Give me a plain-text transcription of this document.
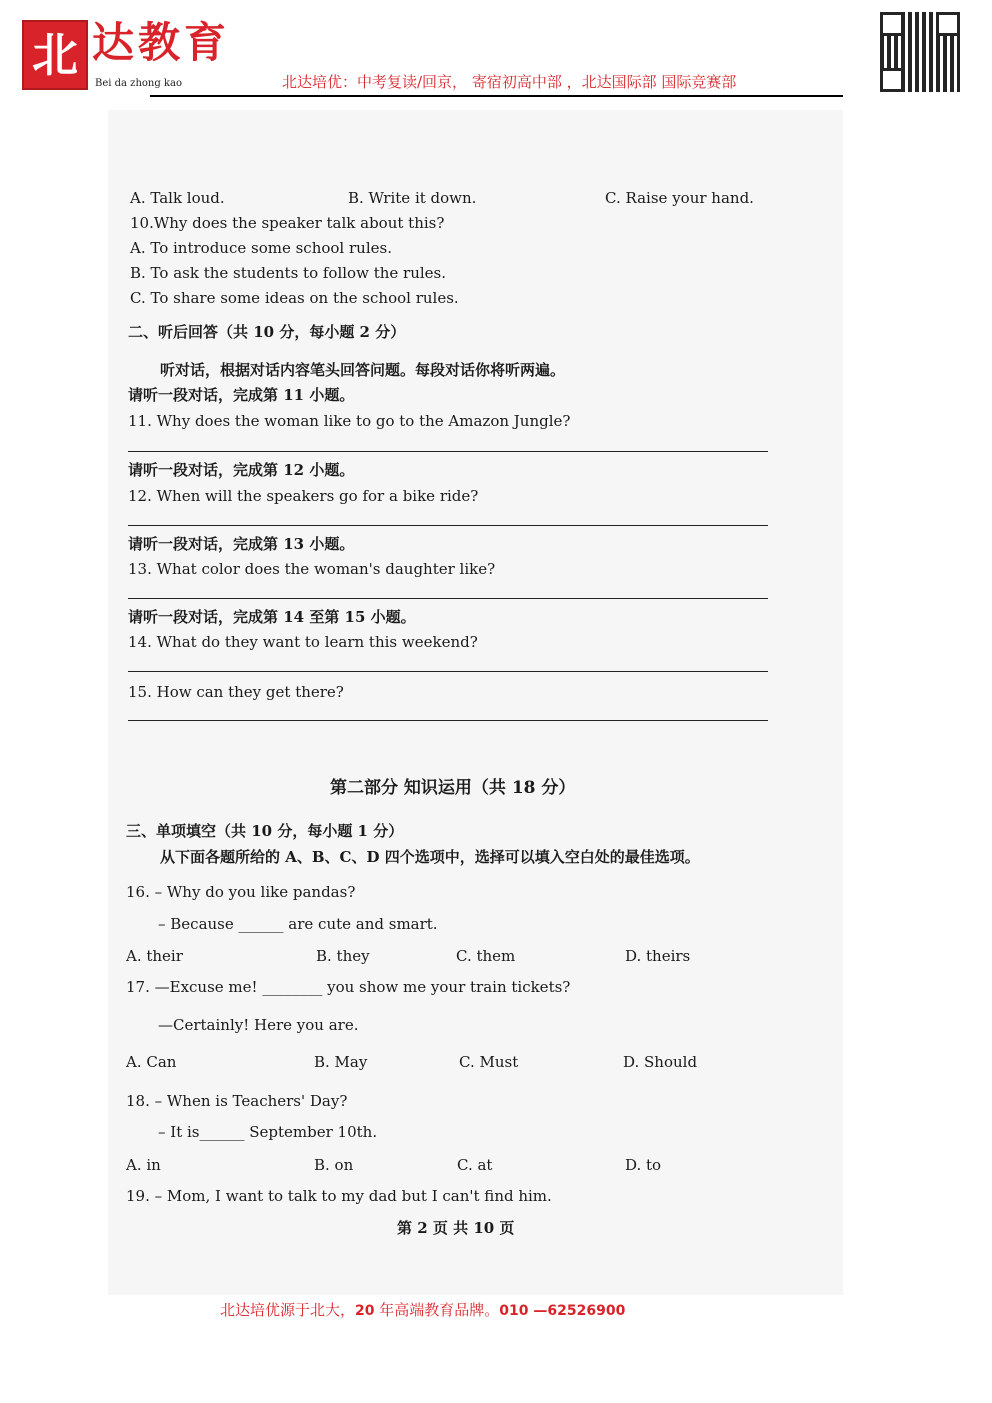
北 达教育
Bei da zhong kao	北达培优：中考复读/回京， 寄宿初高中部 ，北达国际部 国际竞赛部
A. Talk loud.	B. Write it down.	C. Raise your hand.
10.Why does the speaker talk about this?
A. To introduce some school rules.
B. To ask the students to follow the rules.
C. To share some ideas on the school rules.
二、听后回答（共 10 分，每小题 2 分）
听对话，根据对话内容笔头回答问题。每段对话你将听两遍。
请听一段对话，完成第 11 小题。
11. Why does the woman like to go to the Amazon Jungle?
请听一段对话，完成第 12 小题。
12. When will the speakers go for a bike ride?
请听一段对话，完成第 13 小题。
13. What color does the woman's daughter like?
请听一段对话，完成第 14 至第 15 小题。
14. What do they want to learn this weekend?
15. How can they get there?
第二部分 知识运用（共 18 分）
三、单项填空（共 10 分，每小题 1 分）
从下面各题所给的 A、B、C、D 四个选项中，选择可以填入空白处的最佳选项。
16. – Why do you like pandas?
– Because ______ are cute and smart.
A. their	B. they	C. them	D. theirs
17. —Excuse me! ________ you show me your train tickets?
—Certainly! Here you are.
A. Can	B. May	C. Must	D. Should
18. – When is Teachers' Day?
– It is______ September 10th.
A. in	B. on	C. at	D. to
19. – Mom, I want to talk to my dad but I can't find him.
第 2 页 共 10 页
北达培优源于北大，20 年高端教育品牌。010 —62526900
